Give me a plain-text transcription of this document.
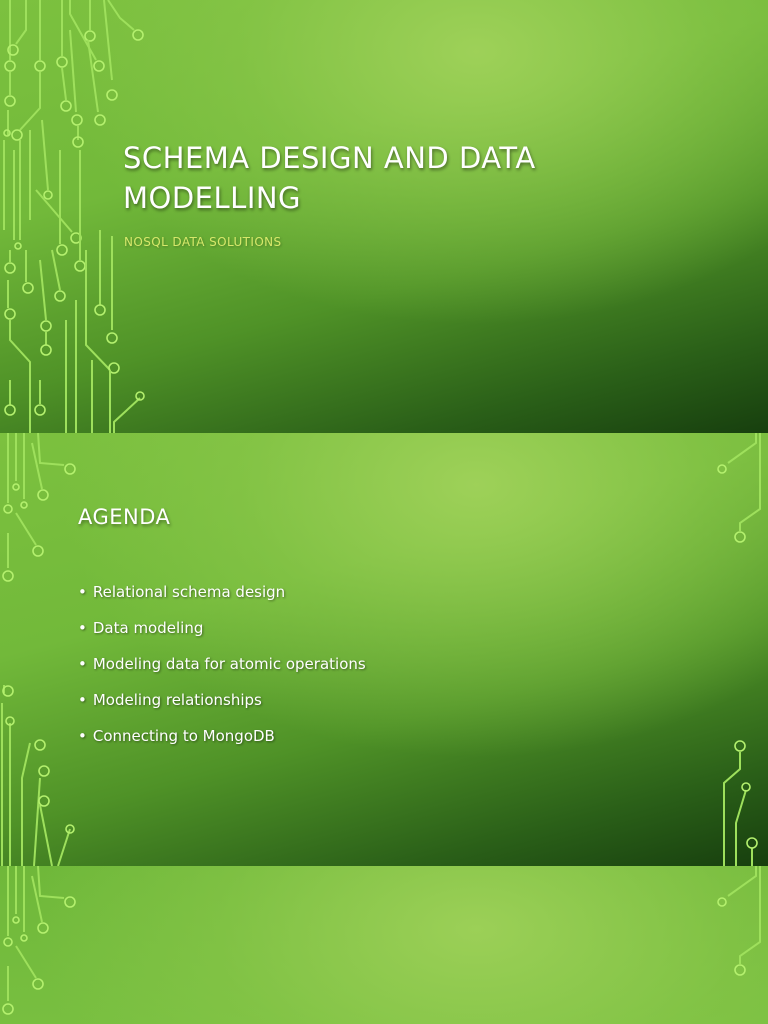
SCHEMA DESIGN AND DATA MODELLING

NOSQL DATA SOLUTIONS

AGENDA
• Relational schema design
• Data modeling
• Modeling data for atomic operations
• Modeling relationships
• Connecting to MongoDB
